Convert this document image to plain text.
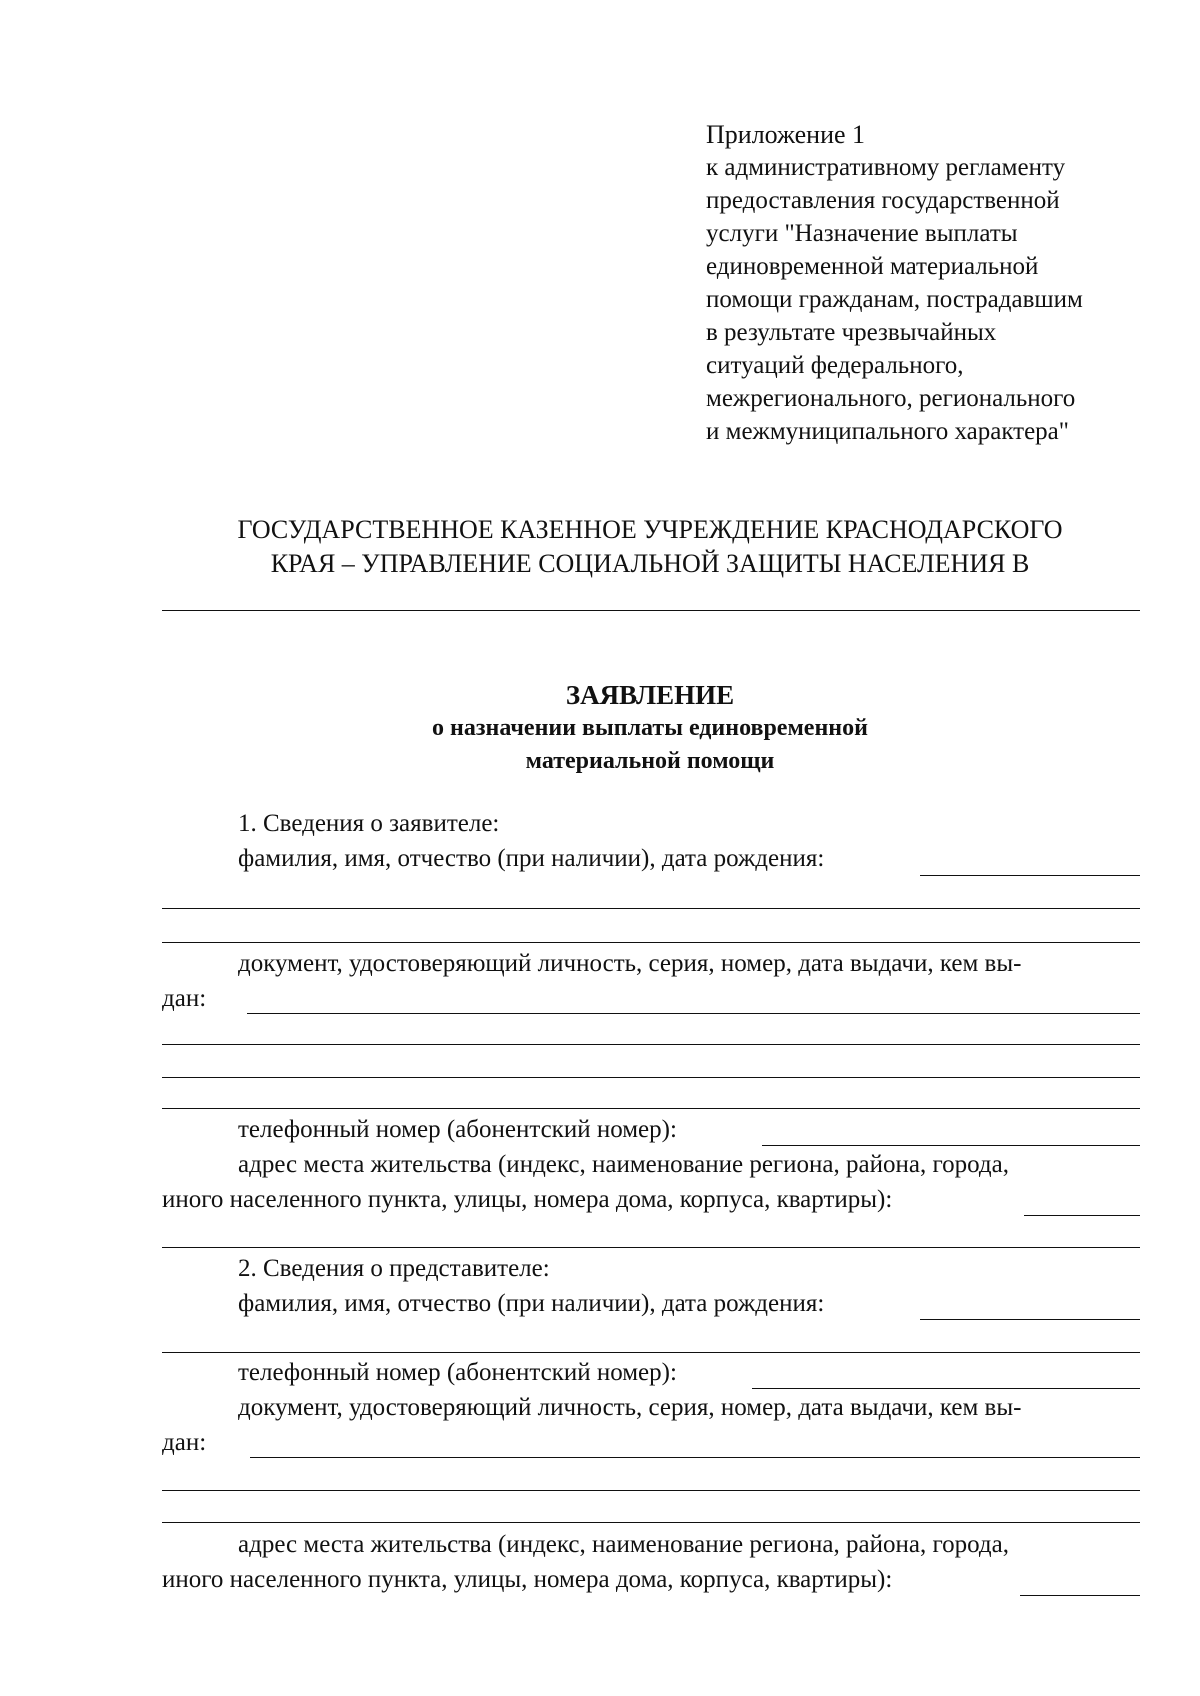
Приложение 1
к административному регламенту
предоставления государственной
услуги "Назначение выплаты
единовременной материальной
помощи гражданам, пострадавшим
в результате чрезвычайных
ситуаций федерального,
межрегионального, регионального
и межмуниципального характера"
ГОСУДАРСТВЕННОЕ КАЗЕННОЕ УЧРЕЖДЕНИЕ КРАСНОДАРСКОГО
КРАЯ – УПРАВЛЕНИЕ СОЦИАЛЬНОЙ ЗАЩИТЫ НАСЕЛЕНИЯ В
ЗАЯВЛЕНИЕ
о назначении выплаты единовременной
материальной помощи
1. Сведения о заявителе:
фамилия, имя, отчество (при наличии), дата рождения:
документ, удостоверяющий личность, серия, номер, дата выдачи, кем вы-
дан:
телефонный номер (абонентский номер):
адрес места жительства (индекс, наименование региона, района, города,
иного населенного пункта, улицы, номера дома, корпуса, квартиры):
2. Сведения о представителе:
фамилия, имя, отчество (при наличии), дата рождения:
телефонный номер (абонентский номер):
документ, удостоверяющий личность, серия, номер, дата выдачи, кем вы-
дан:
адрес места жительства (индекс, наименование региона, района, города,
иного населенного пункта, улицы, номера дома, корпуса, квартиры):
